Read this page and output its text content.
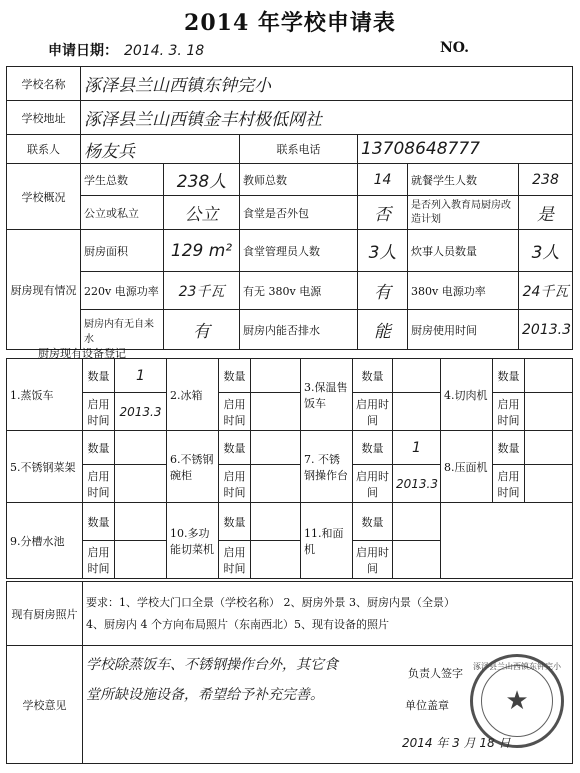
2014 年学校申请表
申请日期： 2014. 3. 18	NO.
学校名称	涿泽县兰山西镇东钟完小					
学校地址	涿泽县兰山西镇金丰村极低网社					
联系人	杨友兵		联系电话	13708648777		
学校概况	学生总数	238人	教师总数	14	就餐学生人数	238
	公立或私立	公立	食堂是否外包	否	是否列入教育局厨房改造计划	是
厨房现有情况	厨房面积	129 m²	食堂管理员人数	3人	炊事人员数量	3人
	220v 电源功率	23千瓦	有无 380v 电源	有	380v 电源功率	24千瓦
	厨房内有无自来水	有	厨房内能否排水	能	厨房使用时间	2013.3
厨房现有设备登记
1.蒸饭车	数量	1	2.冰箱	数量		3.保温售饭车	数量		4.切肉机	数量	
	启用时间	2013.3		启用时间			启用时间			启用时间	
5.不锈钢菜架	数量		6.不锈钢碗柜	数量		7. 不锈钢操作台	数量	1	8.压面机	数量	
	启用时间			启用时间			启用时间	2013.3		启用时间	
9.分槽水池	数量		10.多功能切菜机	数量		11.和面机	数量				
	启用时间			启用时间			启用时间				
现有厨房照片	要求：1、学校大门口全景（学校名称） 2、厨房外景 3、厨房内景（全景）
4、厨房内 4 个方向布局照片（东南西北）5、现有设备的照片

学校意见	学校除蒸饭车、不锈钢操作台外，其它食
堂所缺设施设备，希望给予补充完善。
负责人签字
单位盖章
2014 年 3 月 18 日
涿泽县兰山西镇东钟完小
★
